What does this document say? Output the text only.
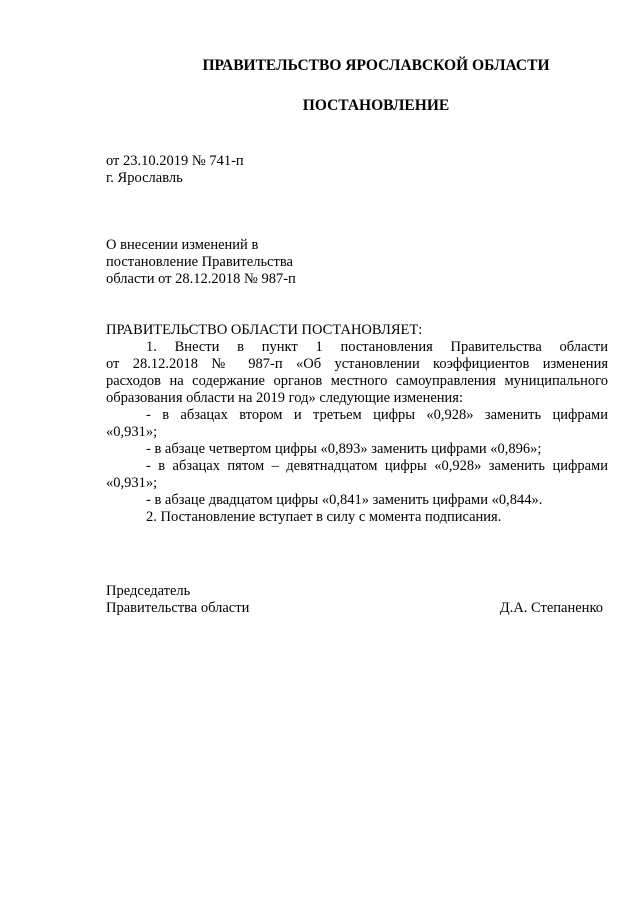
ПРАВИТЕЛЬСТВО ЯРОСЛАВСКОЙ ОБЛАСТИ
ПОСТАНОВЛЕНИЕ
от 23.10.2019 № 741-п
г. Ярославль
О внесении изменений в
постановление Правительства
области от 28.12.2018 № 987-п
ПРАВИТЕЛЬСТВО ОБЛАСТИ ПОСТАНОВЛЯЕТ:
1. Внести в пункт 1 постановления Правительства области
от 28.12.2018 № 987-п «Об установлении коэффициентов изменения
расходов на содержание органов местного самоуправления муниципального
образования области на 2019 год» следующие изменения:
- в абзацах втором и третьем цифры «0,928» заменить цифрами
«0,931»;
- в абзаце четвертом цифры «0,893» заменить цифрами «0,896»;
- в абзацах пятом – девятнадцатом цифры «0,928» заменить цифрами
«0,931»;
- в абзаце двадцатом цифры «0,841» заменить цифрами «0,844».
2. Постановление вступает в силу с момента подписания.
Председатель
Правительства области	Д.А. Степаненко
